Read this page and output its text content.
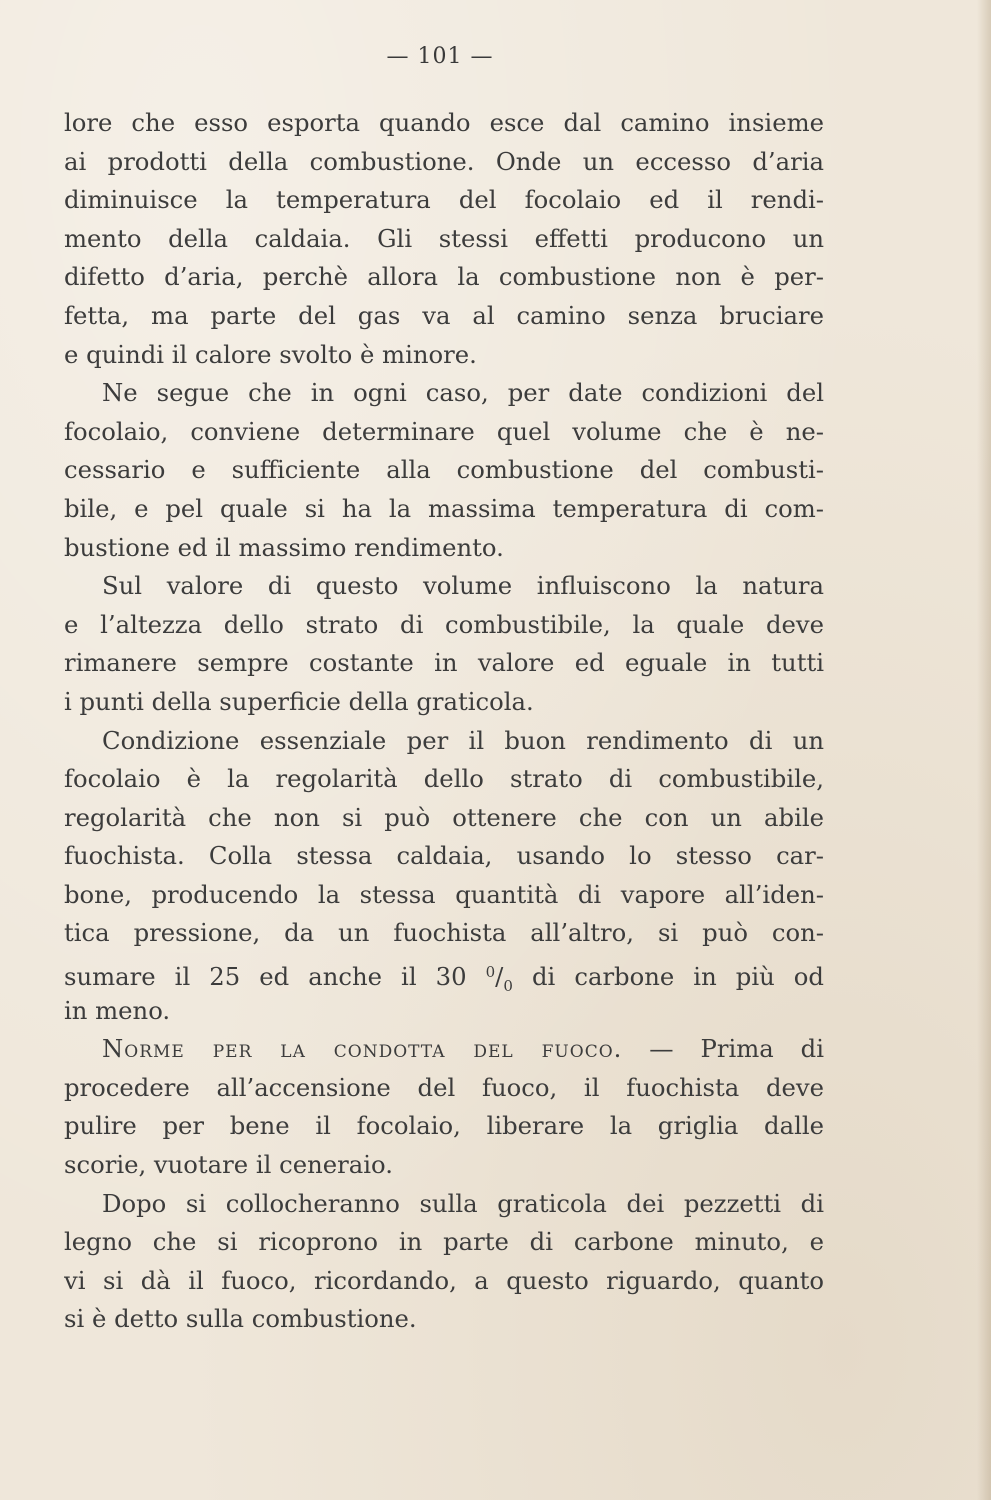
— 101 —
lore che esso esporta quando esce dal camino insieme
ai prodotti della combustione. Onde un eccesso d’aria
diminuisce la temperatura del focolaio ed il rendi-
mento della caldaia. Gli stessi effetti producono un
difetto d’aria, perchè allora la combustione non è per-
fetta, ma parte del gas va al camino senza bruciare
e quindi il calore svolto è minore.
Ne segue che in ogni caso, per date condizioni del
focolaio, conviene determinare quel volume che è ne-
cessario e sufficiente alla combustione del combusti-
bile, e pel quale si ha la massima temperatura di com-
bustione ed il massimo rendimento.
Sul valore di questo volume influiscono la natura
e l’altezza dello strato di combustibile, la quale deve
rimanere sempre costante in valore ed eguale in tutti
i punti della superficie della graticola.
Condizione essenziale per il buon rendimento di un
focolaio è la regolarità dello strato di combustibile,
regolarità che non si può ottenere che con un abile
fuochista. Colla stessa caldaia, usando lo stesso car-
bone, producendo la stessa quantità di vapore all’iden-
tica pressione, da un fuochista all’altro, si può con-
sumare il 25 ed anche il 30 $^0/_0$ di carbone in più od
in meno.
Norme per la condotta del fuoco. — Prima di
procedere all’accensione del fuoco, il fuochista deve
pulire per bene il focolaio, liberare la griglia dalle
scorie, vuotare il ceneraio.
Dopo si collocheranno sulla graticola dei pezzetti di
legno che si ricoprono in parte di carbone minuto, e
vi si dà il fuoco, ricordando, a questo riguardo, quanto
si è detto sulla combustione.
